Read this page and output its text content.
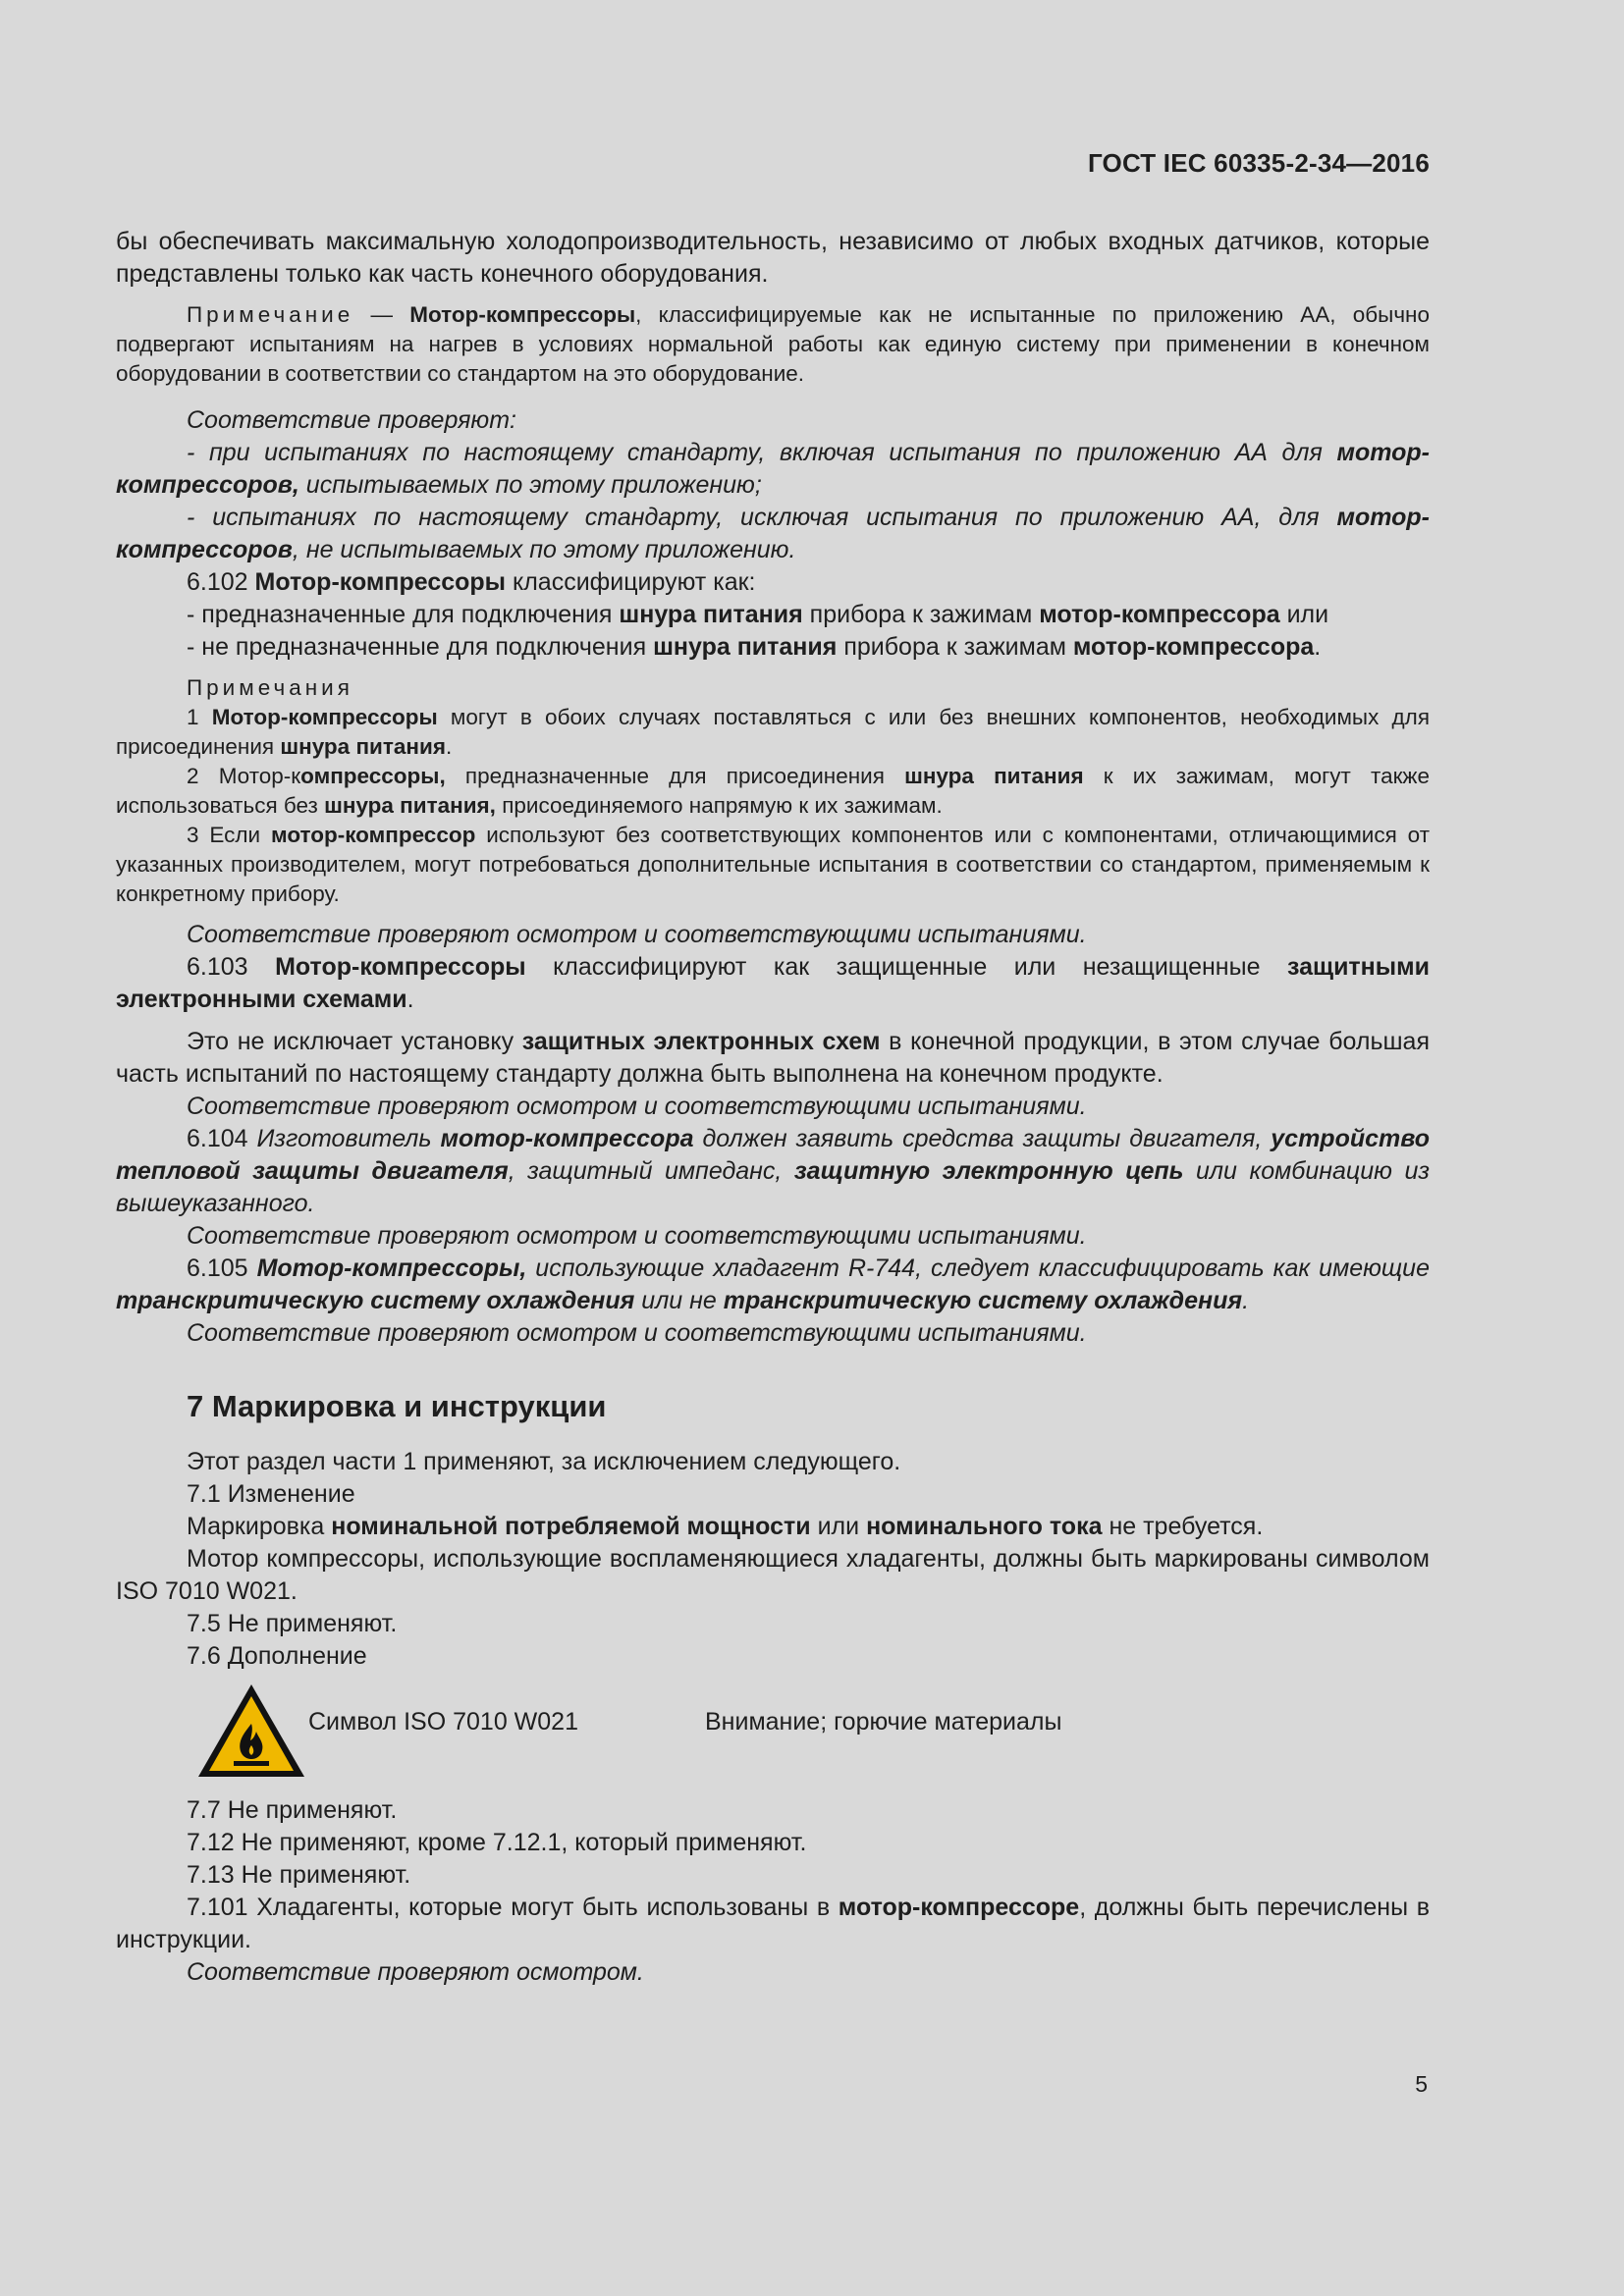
ГОСТ IEC 60335-2-34—2016

бы обеспечивать максимальную холодопроизводительность, независимо от любых входных датчиков, которые представлены только как часть конечного оборудования.

Примечание — Мотор-компрессоры, классифицируемые как не испытанные по приложению АА, обычно подвергают испытаниям на нагрев в условиях нормальной работы как единую систему при применении в конечном оборудовании в соответствии со стандартом на это оборудование.

Соответствие проверяют:

- при испытаниях по настоящему стандарту, включая испытания по приложению АА для мотор-компрессоров, испытываемых по этому приложению;

- испытаниях по настоящему стандарту, исключая испытания по приложению АА, для мотор-компрессоров, не испытываемых по этому приложению.

6.102 Мотор-компрессоры классифицируют как:

- предназначенные для подключения шнура питания прибора к зажимам мотор-компрессора или

- не предназначенные для подключения шнура питания прибора к зажимам мотор-компрессора.

Примечания

1 Мотор-компрессоры могут в обоих случаях поставляться с или без внешних компонентов, необходимых для присоединения шнура питания.

2 Мотор-компрессоры, предназначенные для присоединения шнура питания к их зажимам, могут также использоваться без шнура питания, присоединяемого напрямую к их зажимам.

3 Если мотор-компрессор используют без соответствующих компонентов или с компонентами, отличающимися от указанных производителем, могут потребоваться дополнительные испытания в соответствии со стандартом, применяемым к конкретному прибору.

Соответствие проверяют осмотром и соответствующими испытаниями.

6.103 Мотор-компрессоры классифицируют как защищенные или незащищенные защитными электронными схемами.

Это не исключает установку защитных электронных схем в конечной продукции, в этом случае большая часть испытаний по настоящему стандарту должна быть выполнена на конечном продукте.

Соответствие проверяют осмотром и соответствующими испытаниями.

6.104 Изготовитель мотор-компрессора должен заявить средства защиты двигателя, устройство тепловой защиты двигателя, защитный импеданс, защитную электронную цепь или комбинацию из вышеуказанного.

Соответствие проверяют осмотром и соответствующими испытаниями.

6.105 Мотор-компрессоры, использующие хладагент R-744, следует классифицировать как имеющие транскритическую систему охлаждения или не транскритическую систему охлаждения.

Соответствие проверяют осмотром и соответствующими испытаниями.

7 Маркировка и инструкции

Этот раздел части 1 применяют, за исключением следующего.

7.1 Изменение

Маркировка номинальной потребляемой мощности или номинального тока не требуется.

Мотор компрессоры, использующие воспламеняющиеся хладагенты, должны быть маркированы символом ISO 7010 W021.

7.5 Не применяют.

7.6 Дополнение

Символ ISO 7010 W021	Внимание; горючие материалы

7.7 Не применяют.

7.12 Не применяют, кроме 7.12.1, который применяют.

7.13 Не применяют.

7.101 Хладагенты, которые могут быть использованы в мотор-компрессоре, должны быть перечислены в инструкции.

Соответствие проверяют осмотром.

5
